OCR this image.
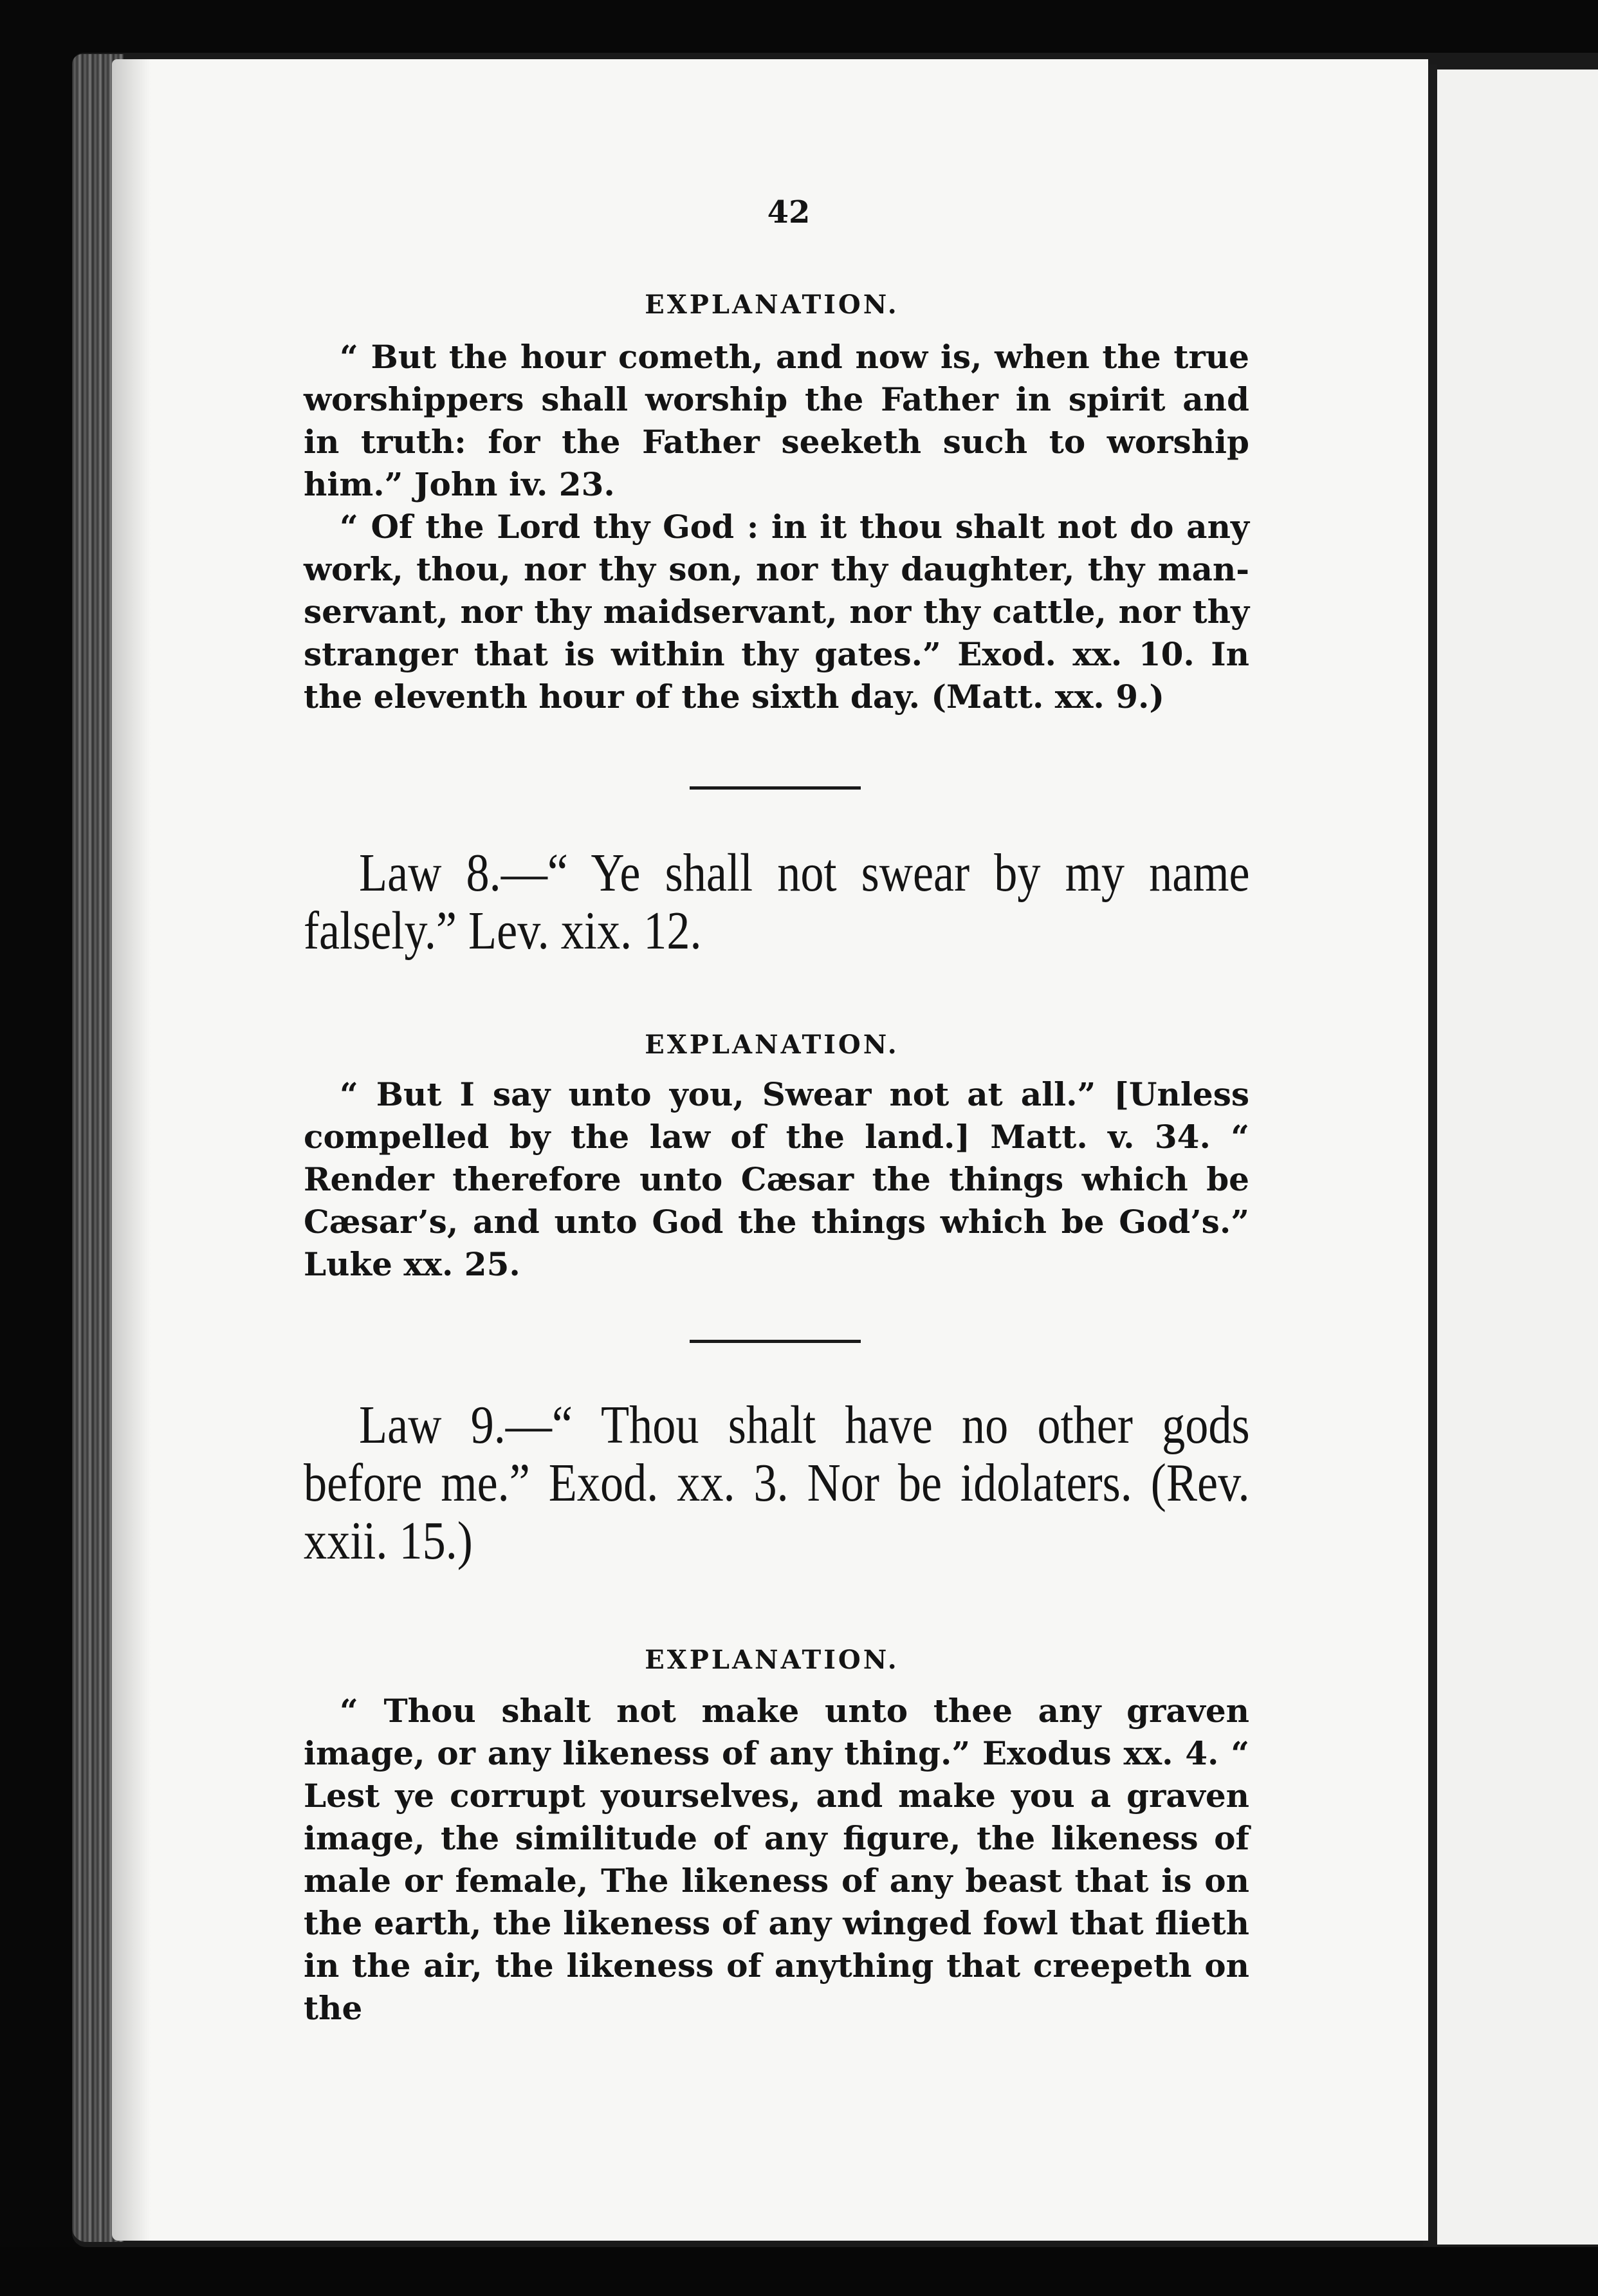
42
EXPLANATION.

“ But the hour cometh, and now is, when the true worshippers shall worship the Father in spirit and in truth: for the Father seeketh such to worship him.” John iv. 23.

“ Of the Lord thy God : in it thou shalt not do any work, thou, nor thy son, nor thy daughter, thy man-servant, nor thy maidservant, nor thy cattle, nor thy stranger that is within thy gates.” Exod. xx. 10. In the eleventh hour of the sixth day. (Matt. xx. 9.)

Law 8.—“ Ye shall not swear by my name falsely.” Lev. xix. 12.
EXPLANATION.

“ But I say unto you, Swear not at all.” [Unless compelled by the law of the land.] Matt. v. 34. “ Render therefore unto Cæsar the things which be Cæsar’s, and unto God the things which be God’s.” Luke xx. 25.

Law 9.—“ Thou shalt have no other gods before me.” Exod. xx. 3. Nor be idolaters. (Rev. xxii. 15.)
EXPLANATION.

“ Thou shalt not make unto thee any graven image, or any likeness of any thing.” Exodus xx. 4. “ Lest ye corrupt yourselves, and make you a graven image, the similitude of any figure, the likeness of male or female, The likeness of any beast that is on the earth, the likeness of any winged fowl that flieth in the air, the likeness of anything that creepeth on the
